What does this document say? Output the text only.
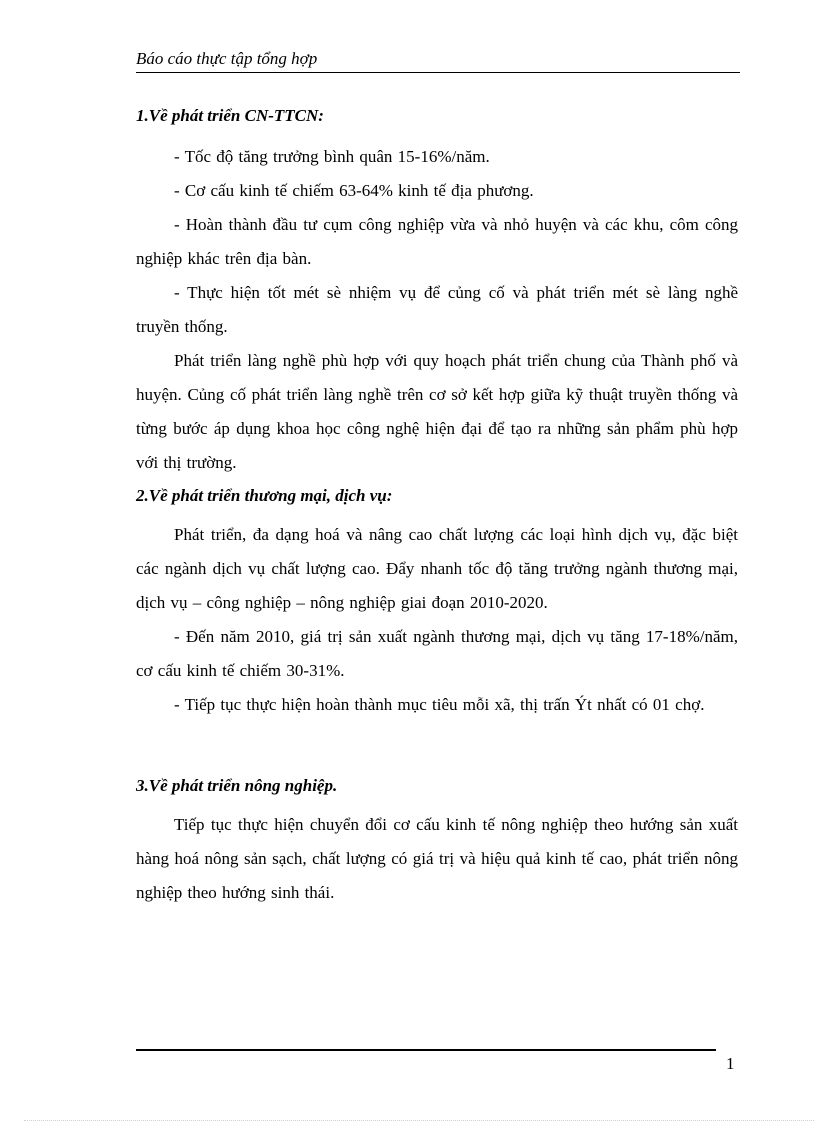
Báo cáo thực tập tổng hợp

1.Về phát triển CN-TTCN:

- Tốc độ tăng trưởng bình quân 15-16%/năm.

- Cơ cấu kinh tế chiếm 63-64% kinh tế địa phương.

- Hoàn thành đầu tư cụm công nghiệp vừa và nhỏ huyện và các khu, côm công nghiệp khác trên địa bàn.

- Thực hiện tốt mét sè nhiệm vụ để củng cố và phát triển mét sè làng nghề truyền thống.

Phát triển làng nghề phù hợp với quy hoạch phát triển chung của Thành phố và huyện. Củng cố phát triển làng nghề trên cơ sở kết hợp giữa kỹ thuật truyền thống và từng bước áp dụng khoa học công nghệ hiện đại để tạo ra những sản phẩm phù hợp với thị trường.

2.Về phát triển thương mại, dịch vụ:

Phát triển, đa dạng hoá và nâng cao chất lượng các loại hình dịch vụ, đặc biệt các ngành dịch vụ chất lượng cao. Đẩy nhanh tốc độ tăng trưởng ngành thương mại, dịch vụ – công nghiệp – nông nghiệp giai đoạn 2010-2020.

- Đến năm 2010, giá trị sản xuất ngành thương mại, dịch vụ tăng 17-18%/năm, cơ cấu kinh tế chiếm 30-31%.

- Tiếp tục thực hiện hoàn thành mục tiêu mỗi xã, thị trấn Ýt nhất có 01 chợ.

3.Về phát triển nông nghiệp.

Tiếp tục thực hiện chuyển đổi cơ cấu kinh tế nông nghiệp theo hướng sản xuất hàng hoá nông sản sạch, chất lượng có giá trị và hiệu quả kinh tế cao, phát triển nông nghiệp theo hướng sinh thái.

1
